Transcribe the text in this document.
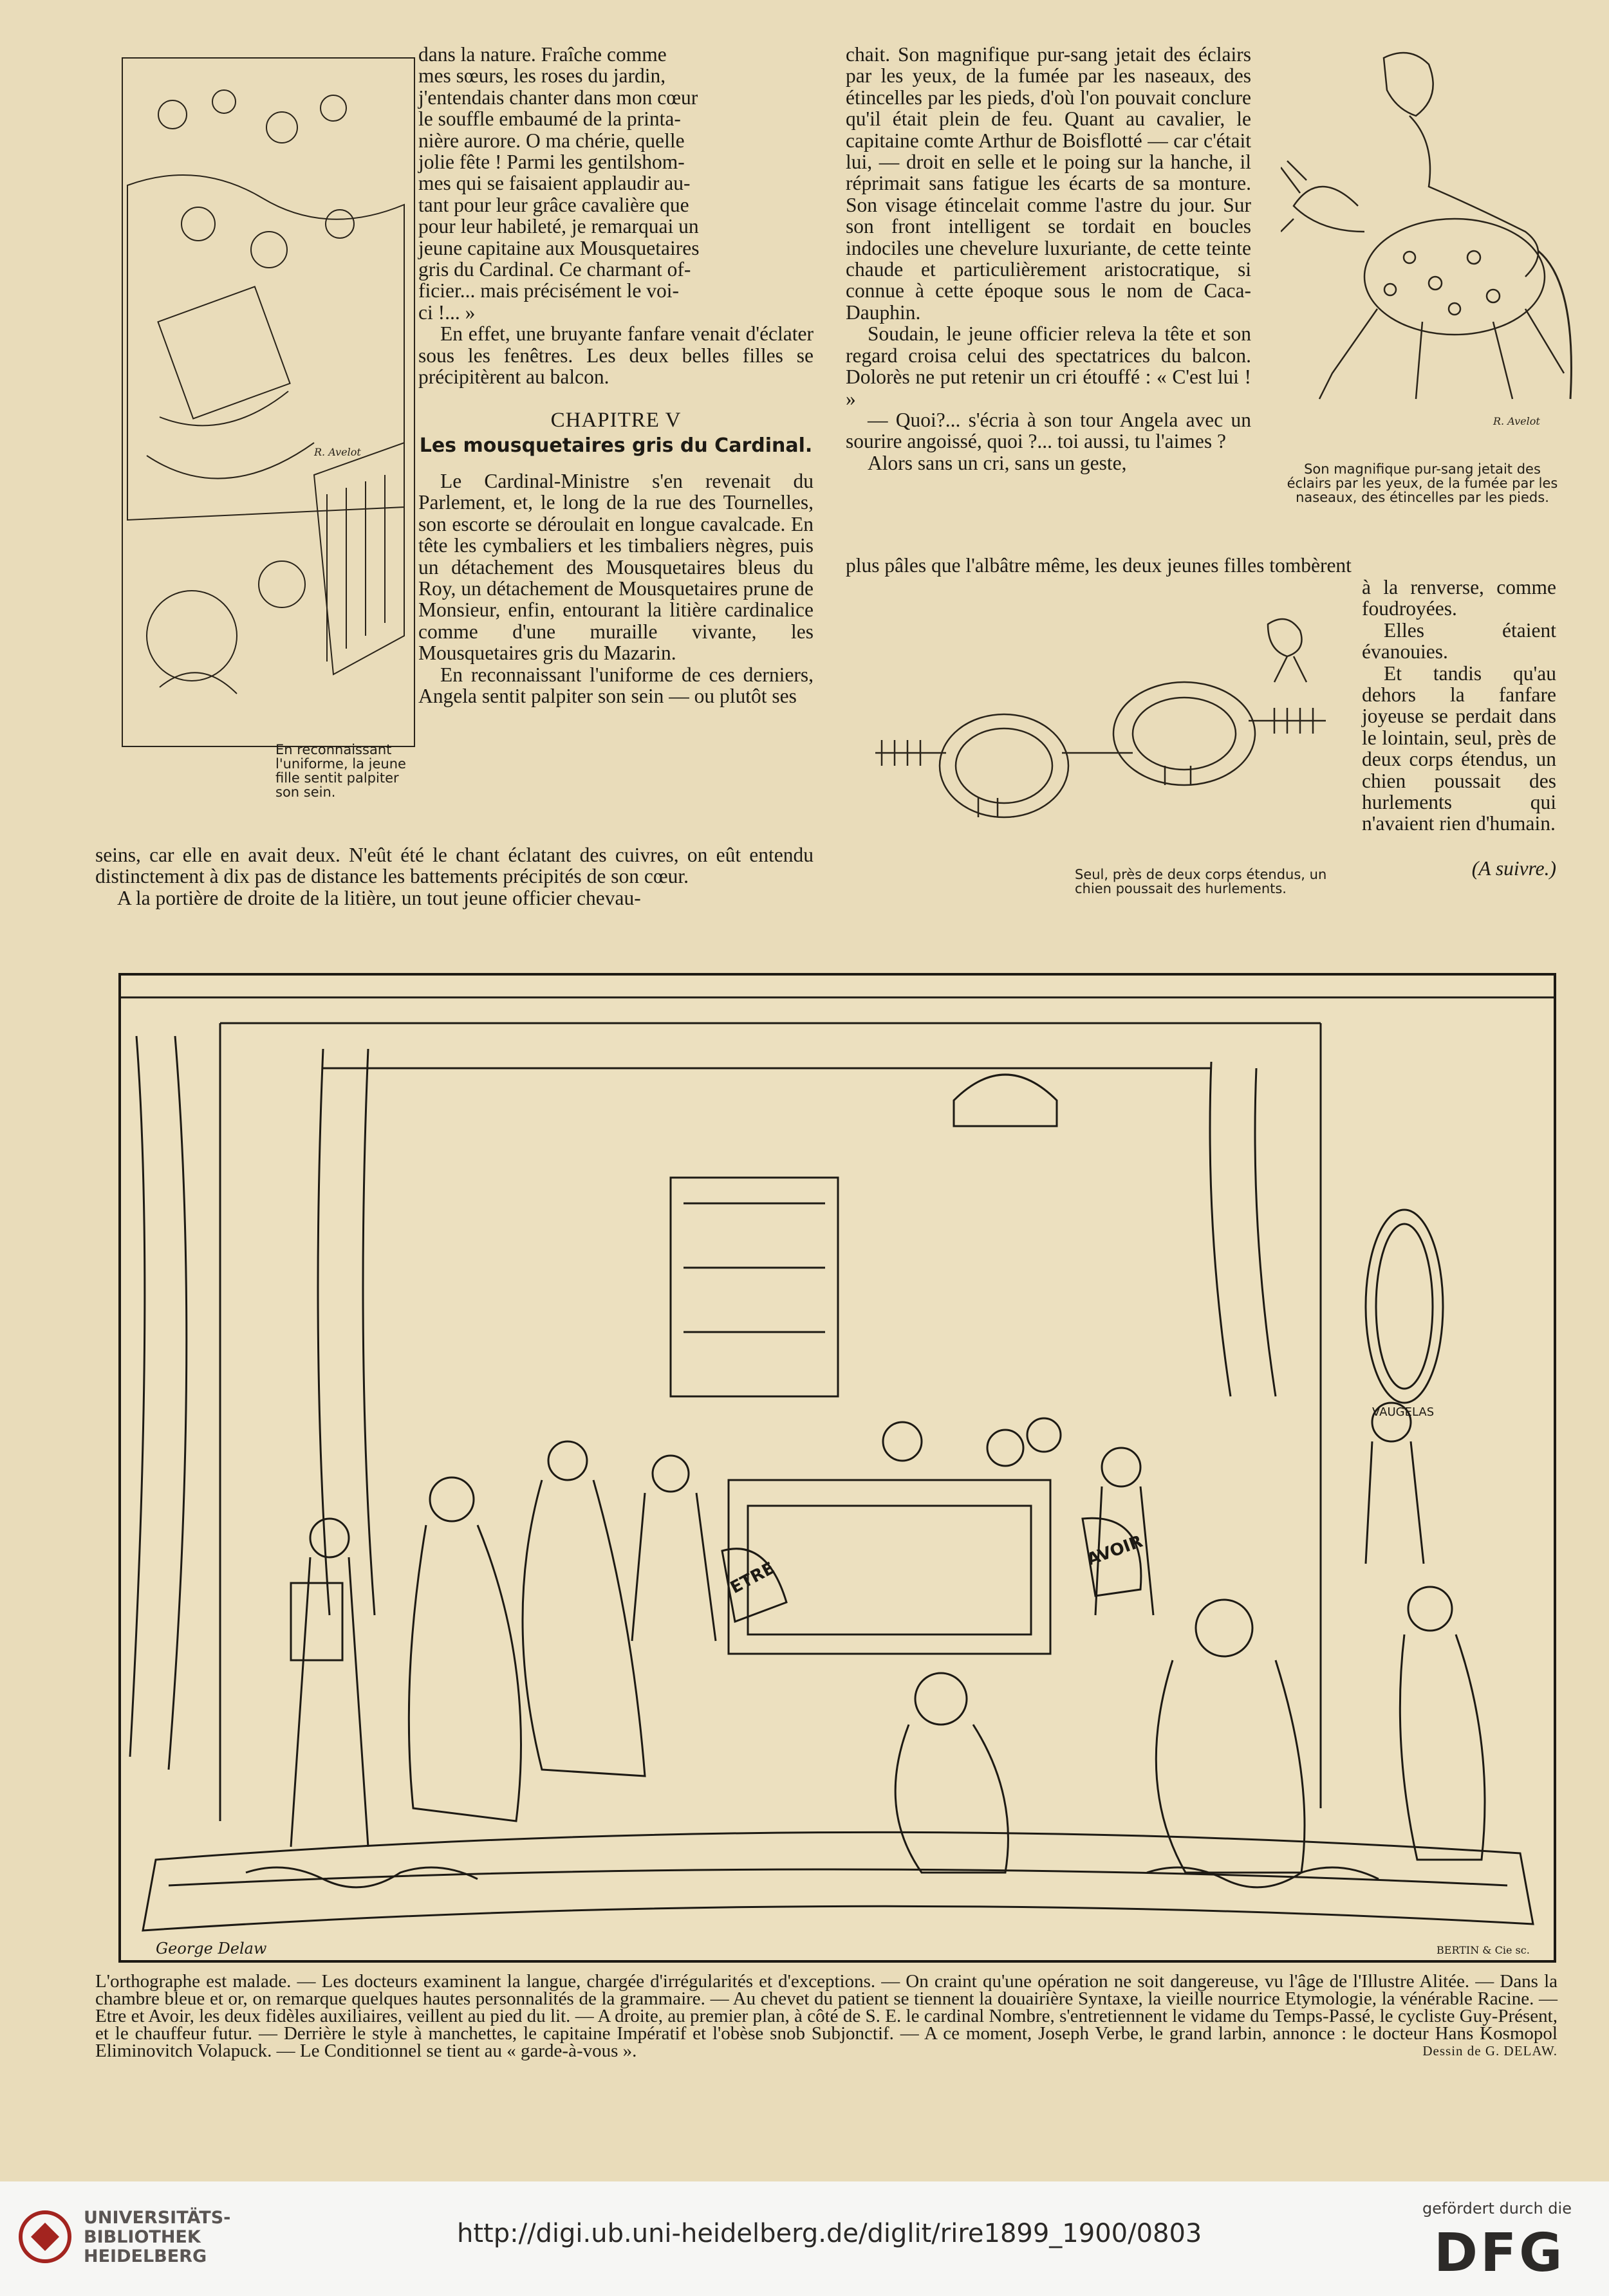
R. Avelot
En reconnaissant l'uniforme, la jeune fille sentit palpiter son sein.

dans la nature. Fraîche comme

mes sœurs, les roses du jardin,

j'entendais chanter dans mon cœur

le souffle embaumé de la printa-

nière aurore. O ma chérie, quelle

jolie fête ! Parmi les gentilshom-

mes qui se faisaient applaudir au-

tant pour leur grâce cavalière que

pour leur habileté, je remarquai un

jeune capitaine aux Mousquetaires

gris du Cardinal. Ce charmant of-

ficier... mais précisément le voi-

ci !... »

En effet, une bruyante fanfare venait d'éclater sous les fenêtres. Les deux belles filles se précipitèrent au balcon.

CHAPITRE V
Les mousquetaires gris du Cardinal.

Le Cardinal-Ministre s'en revenait du Parlement, et, le long de la rue des Tournelles, son escorte se déroulait en longue cavalcade. En tête les cymbaliers et les timbaliers nègres, puis un détachement des Mousquetaires bleus du Roy, un détachement de Mousquetaires prune de Monsieur, enfin, entourant la litière cardinalice comme d'une muraille vivante, les Mousquetaires gris du Mazarin.

En reconnaissant l'uniforme de ces derniers, Angela sentit palpiter son sein — ou plutôt ses

seins, car elle en avait deux. N'eût été le chant éclatant des cuivres, on eût entendu distinctement à dix pas de distance les battements précipités de son cœur.

A la portière de droite de la litière, un tout jeune officier chevau-

chait. Son magnifique pur-sang jetait des éclairs par les yeux, de la fumée par les naseaux, des étincelles par les pieds, d'où l'on pouvait conclure qu'il était plein de feu. Quant au cavalier, le capitaine comte Arthur de Boisflotté — car c'était lui, — droit en selle et le poing sur la hanche, il réprimait sans fatigue les écarts de sa monture. Son visage étincelait comme l'astre du jour. Sur son front intelligent se tordait en boucles indociles une chevelure luxuriante, de cette teinte chaude et particulièrement aristocratique, si connue à cette époque sous le nom de Caca-Dauphin.

Soudain, le jeune officier releva la tête et son regard croisa celui des spectatrices du balcon. Dolorès ne put retenir un cri étouffé : « C'est lui ! »

— Quoi?... s'écria à son tour Angela avec un sourire angoissé, quoi ?... toi aussi, tu l'aimes ?

Alors sans un cri, sans un geste,

plus pâles que l'albâtre même, les deux jeunes filles tombèrent

à la renverse, comme foudroyées.

Elles étaient évanouies.

Et tandis qu'au dehors la fanfare joyeuse se perdait dans le lointain, seul, près de deux corps étendus, un chien poussait des hurlements qui n'avaient rien d'humain.

(A suivre.)

R. Avelot
Son magnifique pur-sang jetait des éclairs par les yeux, de la fumée par les naseaux, des étincelles par les pieds.
Seul, près de deux corps étendus, un chien poussait des hurlements.
ETRE
AVOIR
VAUGELAS
George Delaw	BERTIN & Cie sc.
L'orthographe est malade. — Les docteurs examinent la langue, chargée d'irrégularités et d'exceptions. — On craint qu'une opération ne soit dangereuse, vu l'âge de l'Illustre Alitée. — Dans la chambre bleue et or, on remarque quelques hautes personnalités de la grammaire. — Au chevet du patient se tiennent la douairière Syntaxe, la vieille nourrice Etymologie, la vénérable Racine. — Etre et Avoir, les deux fidèles auxiliaires, veillent au pied du lit. — A droite, au premier plan, à côté de S. E. le cardinal Nombre, s'entretiennent le vidame du Temps-Passé, le cycliste Guy-Présent, et le chauffeur futur. — Derrière le style à manchettes, le capitaine Impératif et l'obèse snob Subjonctif. — A ce moment, Joseph Verbe, le grand larbin, annonce : le docteur Hans Kosmopol Eliminovitch Volapuck. — Le Conditionnel se tient au « garde-à-vous ».	Dessin de G. DELAW.
UNIVERSITÄTS-
BIBLIOTHEK
HEIDELBERG
http://digi.ub.uni-heidelberg.de/diglit/rire1899_1900/0803
gefördert durch die
DFG
